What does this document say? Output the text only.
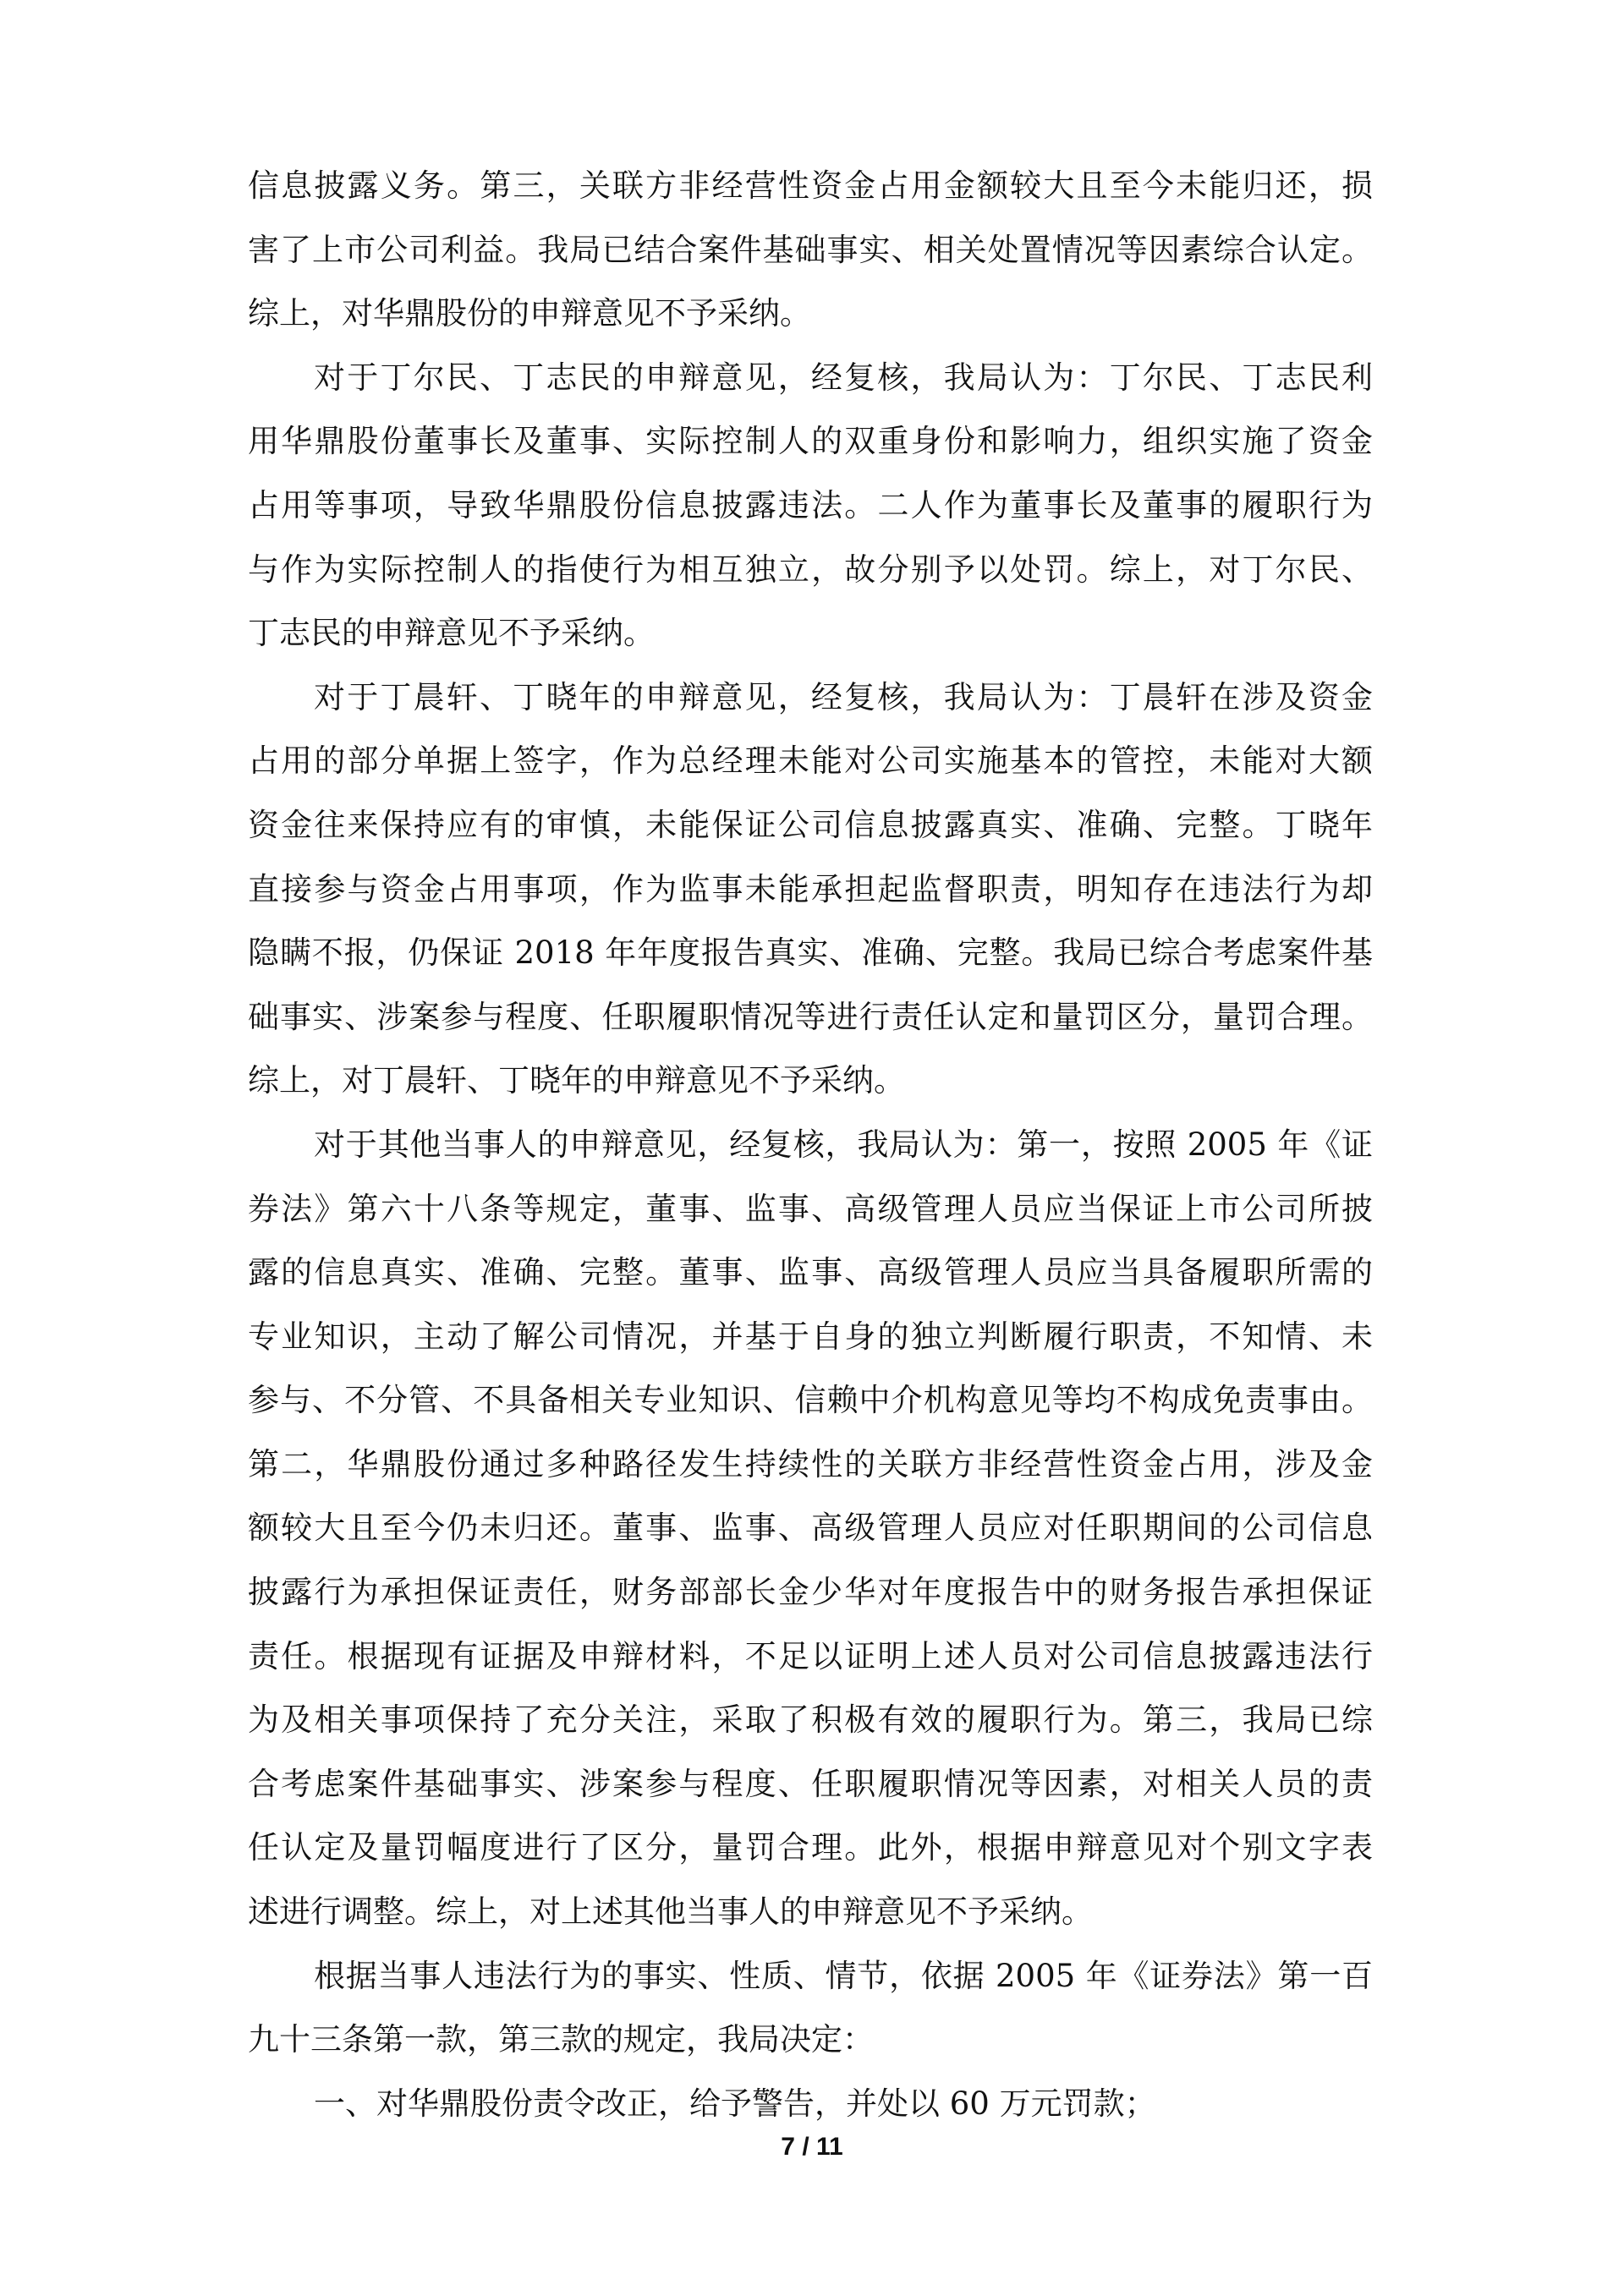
信息披露义务。第三，关联方非经营性资金占用金额较大且至今未能归还，损
害了上市公司利益。我局已结合案件基础事实、相关处置情况等因素综合认定。
综上，对华鼎股份的申辩意见不予采纳。
对于丁尔民、丁志民的申辩意见，经复核，我局认为：丁尔民、丁志民利
用华鼎股份董事长及董事、实际控制人的双重身份和影响力，组织实施了资金
占用等事项，导致华鼎股份信息披露违法。二人作为董事长及董事的履职行为
与作为实际控制人的指使行为相互独立，故分别予以处罚。综上，对丁尔民、
丁志民的申辩意见不予采纳。
对于丁晨轩、丁晓年的申辩意见，经复核，我局认为：丁晨轩在涉及资金
占用的部分单据上签字，作为总经理未能对公司实施基本的管控，未能对大额
资金往来保持应有的审慎，未能保证公司信息披露真实、准确、完整。丁晓年
直接参与资金占用事项，作为监事未能承担起监督职责，明知存在违法行为却
隐瞒不报，仍保证 2018 年年度报告真实、准确、完整。我局已综合考虑案件基
础事实、涉案参与程度、任职履职情况等进行责任认定和量罚区分，量罚合理。
综上，对丁晨轩、丁晓年的申辩意见不予采纳。
对于其他当事人的申辩意见，经复核，我局认为：第一，按照 2005 年《证
券法》第六十八条等规定，董事、监事、高级管理人员应当保证上市公司所披
露的信息真实、准确、完整。董事、监事、高级管理人员应当具备履职所需的
专业知识，主动了解公司情况，并基于自身的独立判断履行职责，不知情、未
参与、不分管、不具备相关专业知识、信赖中介机构意见等均不构成免责事由。
第二，华鼎股份通过多种路径发生持续性的关联方非经营性资金占用，涉及金
额较大且至今仍未归还。董事、监事、高级管理人员应对任职期间的公司信息
披露行为承担保证责任，财务部部长金少华对年度报告中的财务报告承担保证
责任。根据现有证据及申辩材料，不足以证明上述人员对公司信息披露违法行
为及相关事项保持了充分关注，采取了积极有效的履职行为。第三，我局已综
合考虑案件基础事实、涉案参与程度、任职履职情况等因素，对相关人员的责
任认定及量罚幅度进行了区分，量罚合理。此外，根据申辩意见对个别文字表
述进行调整。综上，对上述其他当事人的申辩意见不予采纳。
根据当事人违法行为的事实、性质、情节，依据 2005 年《证券法》第一百
九十三条第一款，第三款的规定，我局决定：
一、对华鼎股份责令改正，给予警告，并处以 60 万元罚款；
7 / 11
